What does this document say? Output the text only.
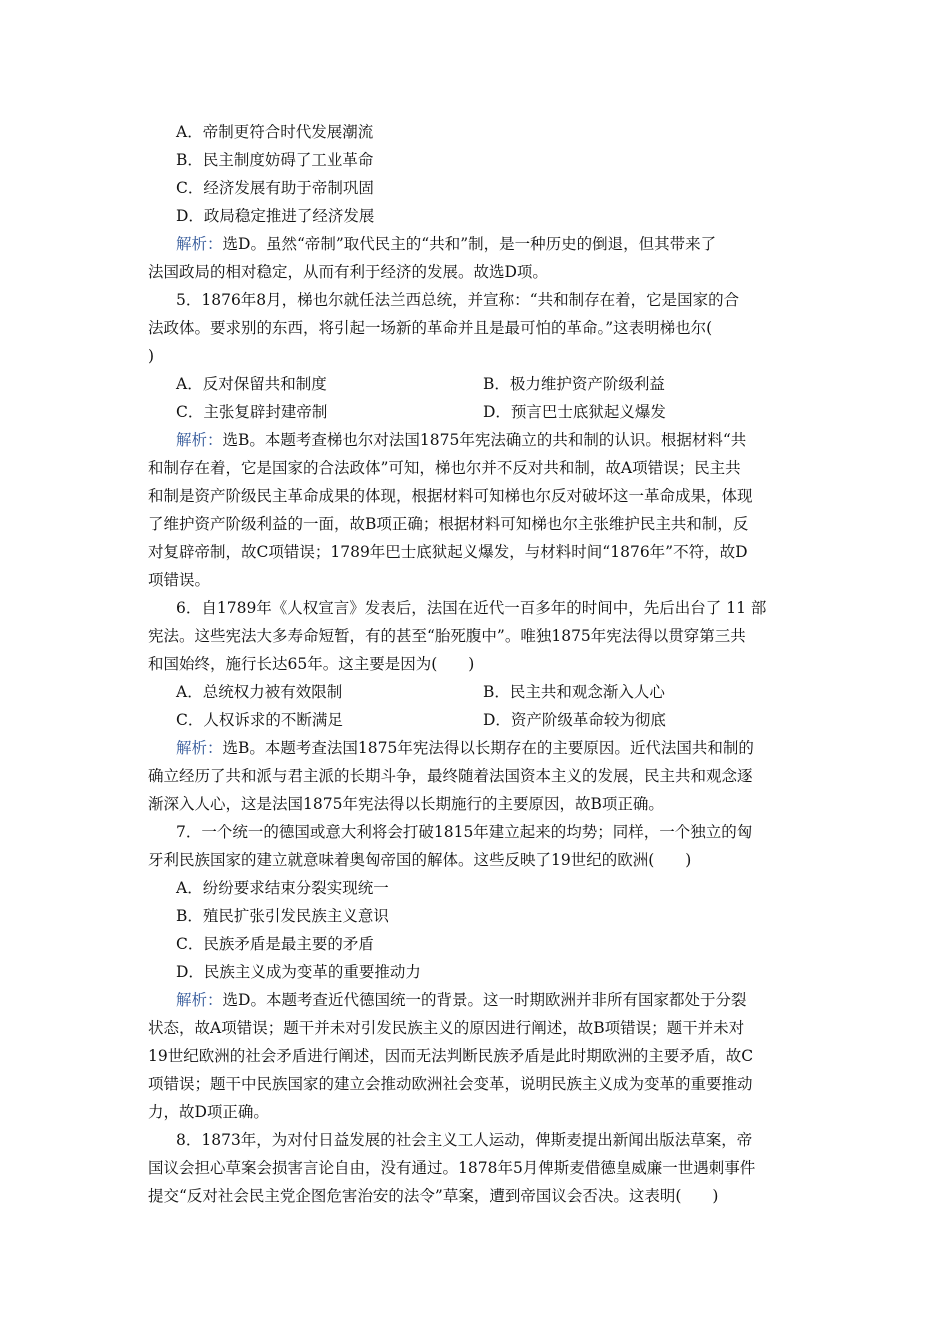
A．帝制更符合时代发展潮流
B．民主制度妨碍了工业革命
C．经济发展有助于帝制巩固
D．政局稳定推进了经济发展
解析：选D。虽然“帝制”取代民主的“共和”制，是一种历史的倒退，但其带来了
法国政局的相对稳定，从而有利于经济的发展。故选D项。
5．1876年8月，梯也尔就任法兰西总统，并宣称：“共和制存在着，它是国家的合
法政体。要求别的东西，将引起一场新的革命并且是最可怕的革命。”这表明梯也尔(
)
A．反对保留共和制度	B．极力维护资产阶级利益
C．主张复辟封建帝制	D．预言巴士底狱起义爆发
解析：选B。本题考查梯也尔对法国1875年宪法确立的共和制的认识。根据材料“共
和制存在着，它是国家的合法政体”可知，梯也尔并不反对共和制，故A项错误；民主共
和制是资产阶级民主革命成果的体现，根据材料可知梯也尔反对破坏这一革命成果，体现
了维护资产阶级利益的一面，故B项正确；根据材料可知梯也尔主张维护民主共和制，反
对复辟帝制，故C项错误；1789年巴士底狱起义爆发，与材料时间“1876年”不符，故D
项错误。
6．自1789年《人权宣言》发表后，法国在近代一百多年的时间中，先后出台了 11 部
宪法。这些宪法大多寿命短暂，有的甚至“胎死腹中”。唯独1875年宪法得以贯穿第三共
和国始终，施行长达65年。这主要是因为(　　)
A．总统权力被有效限制	B．民主共和观念渐入人心
C．人权诉求的不断满足	D．资产阶级革命较为彻底
解析：选B。本题考查法国1875年宪法得以长期存在的主要原因。近代法国共和制的
确立经历了共和派与君主派的长期斗争，最终随着法国资本主义的发展，民主共和观念逐
渐深入人心，这是法国1875年宪法得以长期施行的主要原因，故B项正确。
7．一个统一的德国或意大利将会打破1815年建立起来的均势；同样，一个独立的匈
牙利民族国家的建立就意味着奥匈帝国的解体。这些反映了19世纪的欧洲(　　)
A．纷纷要求结束分裂实现统一
B．殖民扩张引发民族主义意识
C．民族矛盾是最主要的矛盾
D．民族主义成为变革的重要推动力
解析：选D。本题考查近代德国统一的背景。这一时期欧洲并非所有国家都处于分裂
状态，故A项错误；题干并未对引发民族主义的原因进行阐述，故B项错误；题干并未对
19世纪欧洲的社会矛盾进行阐述，因而无法判断民族矛盾是此时期欧洲的主要矛盾，故C
项错误；题干中民族国家的建立会推动欧洲社会变革，说明民族主义成为变革的重要推动
力，故D项正确。
8．1873年，为对付日益发展的社会主义工人运动，俾斯麦提出新闻出版法草案，帝
国议会担心草案会损害言论自由，没有通过。1878年5月俾斯麦借德皇威廉一世遇刺事件
提交“反对社会民主党企图危害治安的法令”草案，遭到帝国议会否决。这表明(　　)
